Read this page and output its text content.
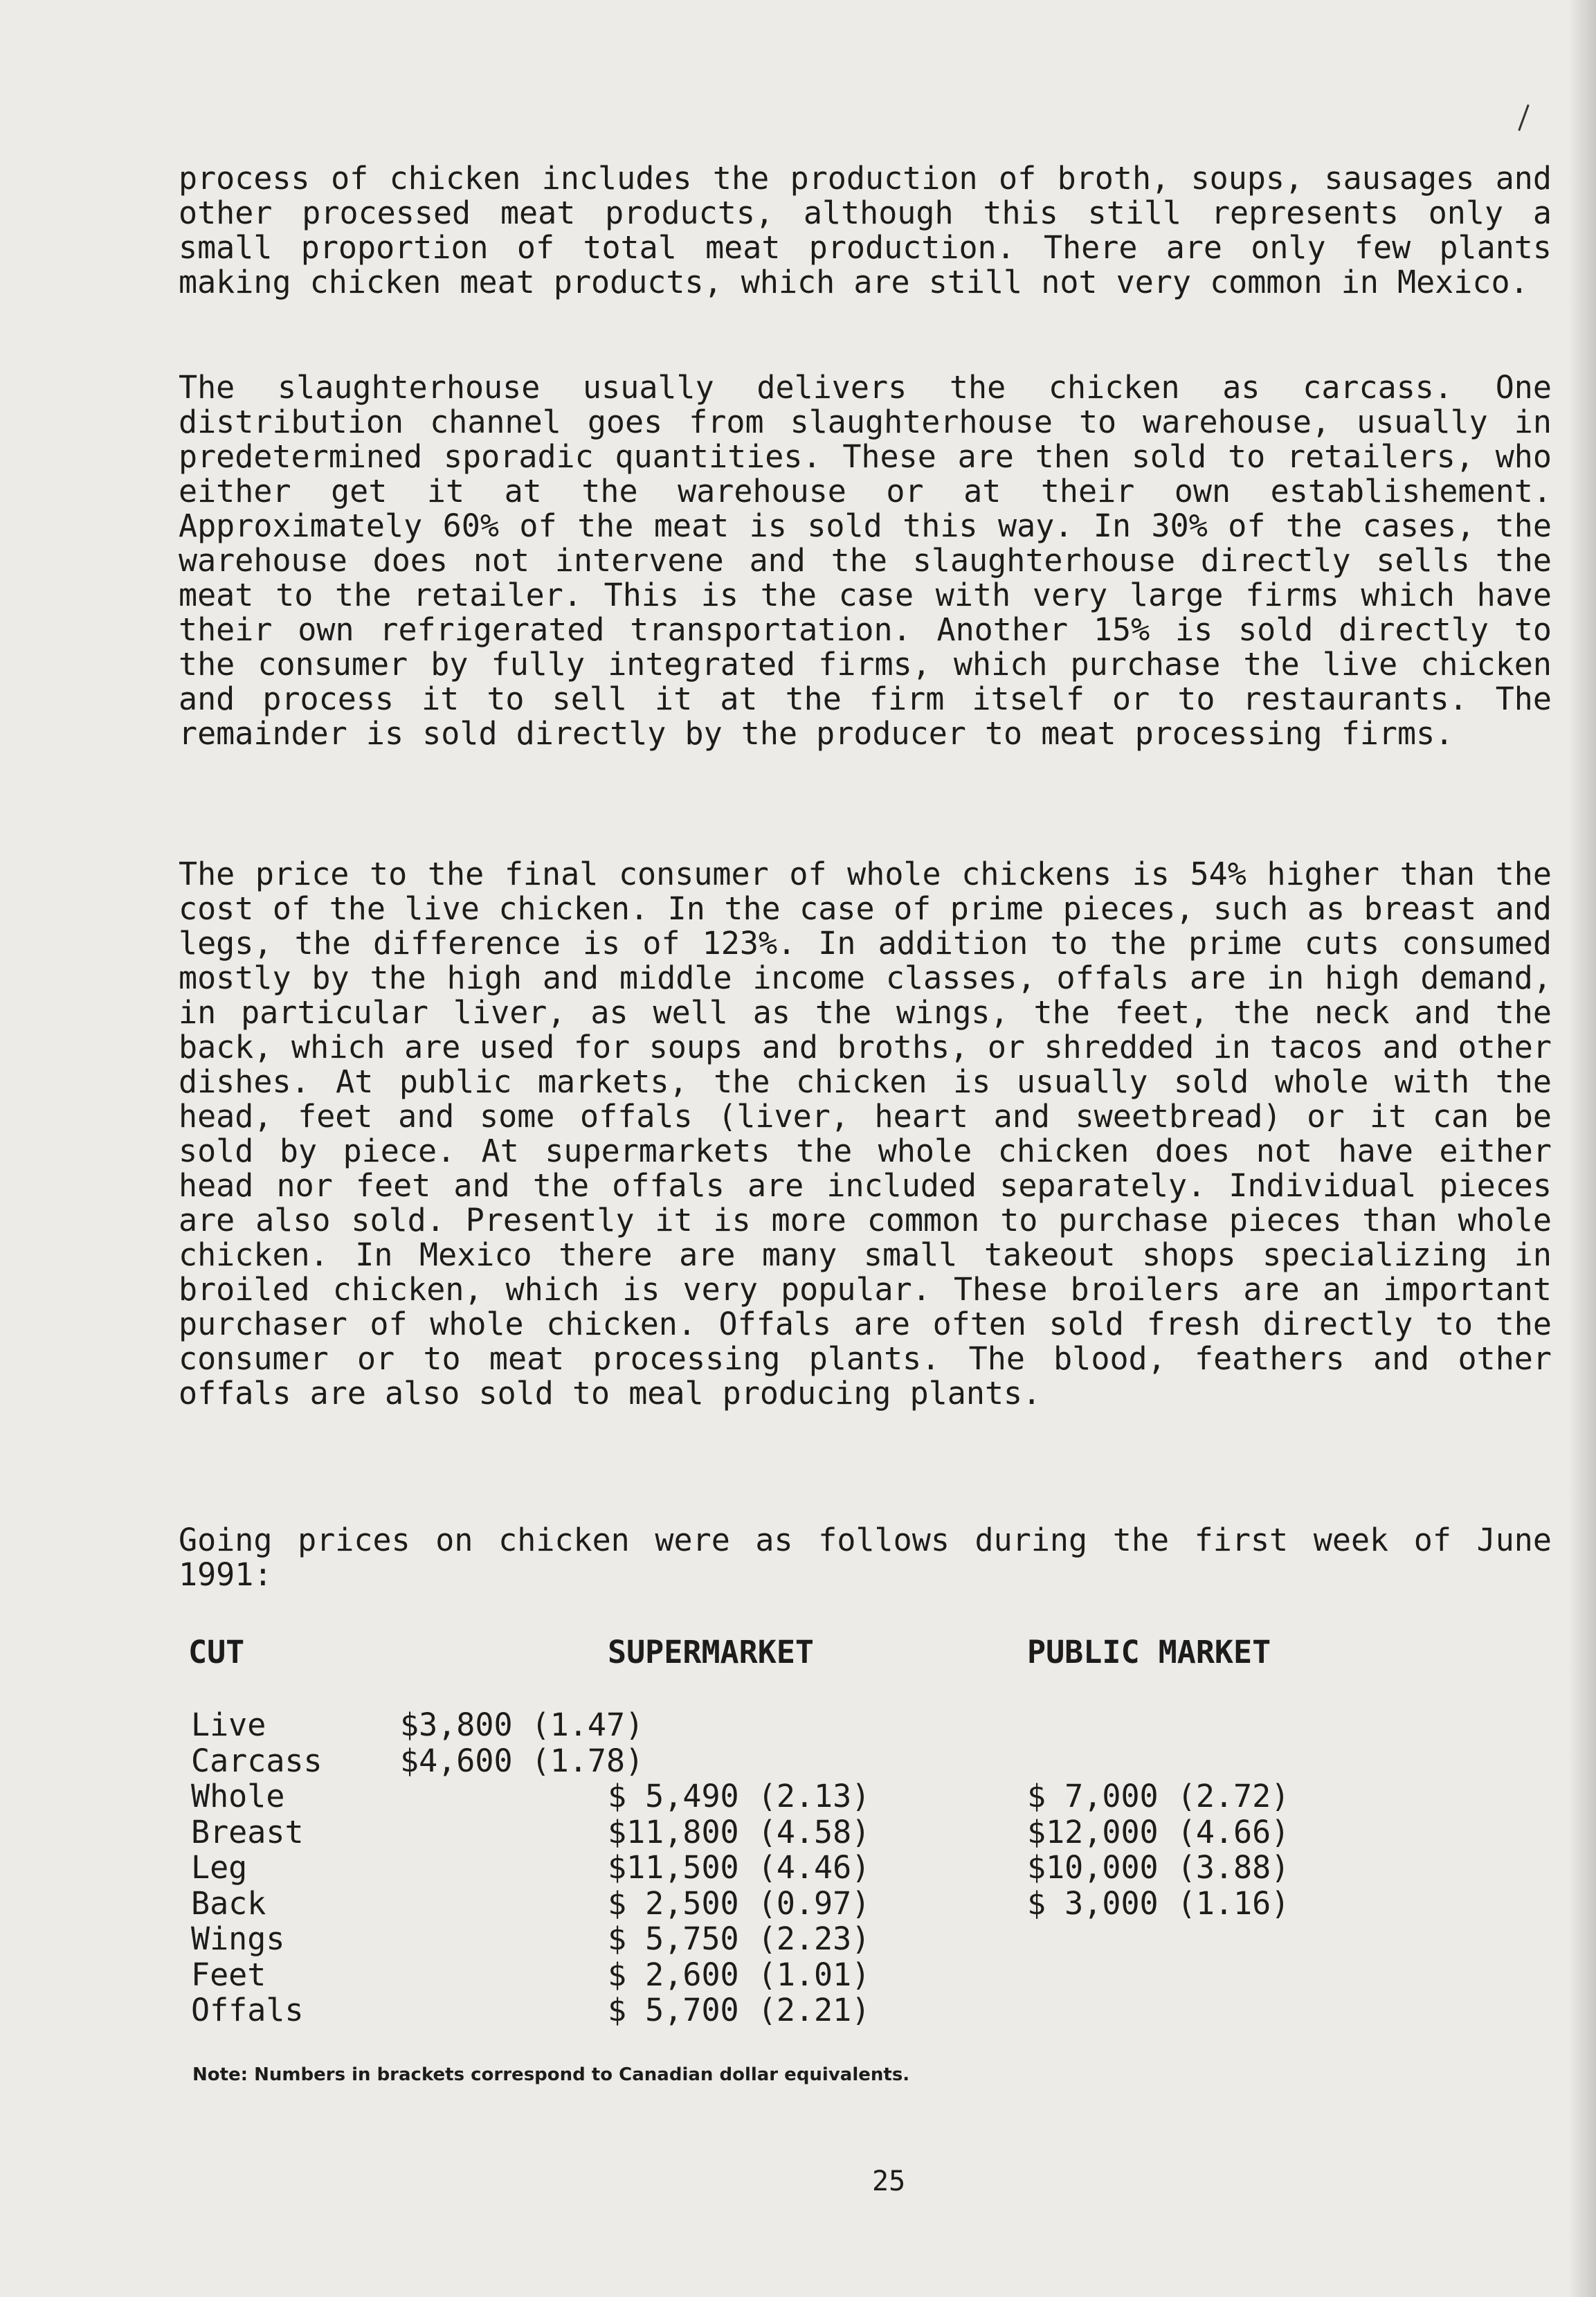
process of chicken includes the production of broth, soups, sausages and other processed meat products, although this still represents only a small proportion of total meat production. There are only few plants making chicken meat products, which are still not very common in Mexico.

The slaughterhouse usually delivers the chicken as carcass. One distribution channel goes from slaughterhouse to warehouse, usually in predetermined sporadic quantities. These are then sold to retailers, who either get it at the warehouse or at their own establishement. Approximately 60% of the meat is sold this way. In 30% of the cases, the warehouse does not intervene and the slaughterhouse directly sells the meat to the retailer. This is the case with very large firms which have their own refrigerated transportation. Another 15% is sold directly to the consumer by fully integrated firms, which purchase the live chicken and process it to sell it at the firm itself or to restaurants. The remainder is sold directly by the producer to meat processing firms.

The price to the final consumer of whole chickens is 54% higher than the cost of the live chicken. In the case of prime pieces, such as breast and legs, the difference is of 123%. In addition to the prime cuts consumed mostly by the high and middle income classes, offals are in high demand, in particular liver, as well as the wings, the feet, the neck and the back, which are used for soups and broths, or shredded in tacos and other dishes. At public markets, the chicken is usually sold whole with the head, feet and some offals (liver, heart and sweetbread) or it can be sold by piece. At supermarkets the whole chicken does not have either head nor feet and the offals are included separately. Individual pieces are also sold. Presently it is more common to purchase pieces than whole chicken. In Mexico there are many small takeout shops specializing in broiled chicken, which is very popular. These broilers are an important purchaser of whole chicken. Offals are often sold fresh directly to the consumer or to meat processing plants. The blood, feathers and other offals are also sold to meal producing plants.

Going prices on chicken were as follows during the first week of June 1991:

CUT	SUPERMARKET	PUBLIC MARKET
Live	$3,800 (1.47)
Carcass $4,600 (1.78)
Whole	$ 5,490 (2.13)	$ 7,000 (2.72)
Breast	$11,800 (4.58)	$12,000 (4.66)
Leg	$11,500 (4.46)	$10,000 (3.88)
Back	$ 2,500 (0.97)	$ 3,000 (1.16)
Wings	$ 5,750 (2.23)
Feet	$ 2,600 (1.01)
Offals	$ 5,700 (2.21)

Note: Numbers in brackets correspond to Canadian dollar equivalents.

25
